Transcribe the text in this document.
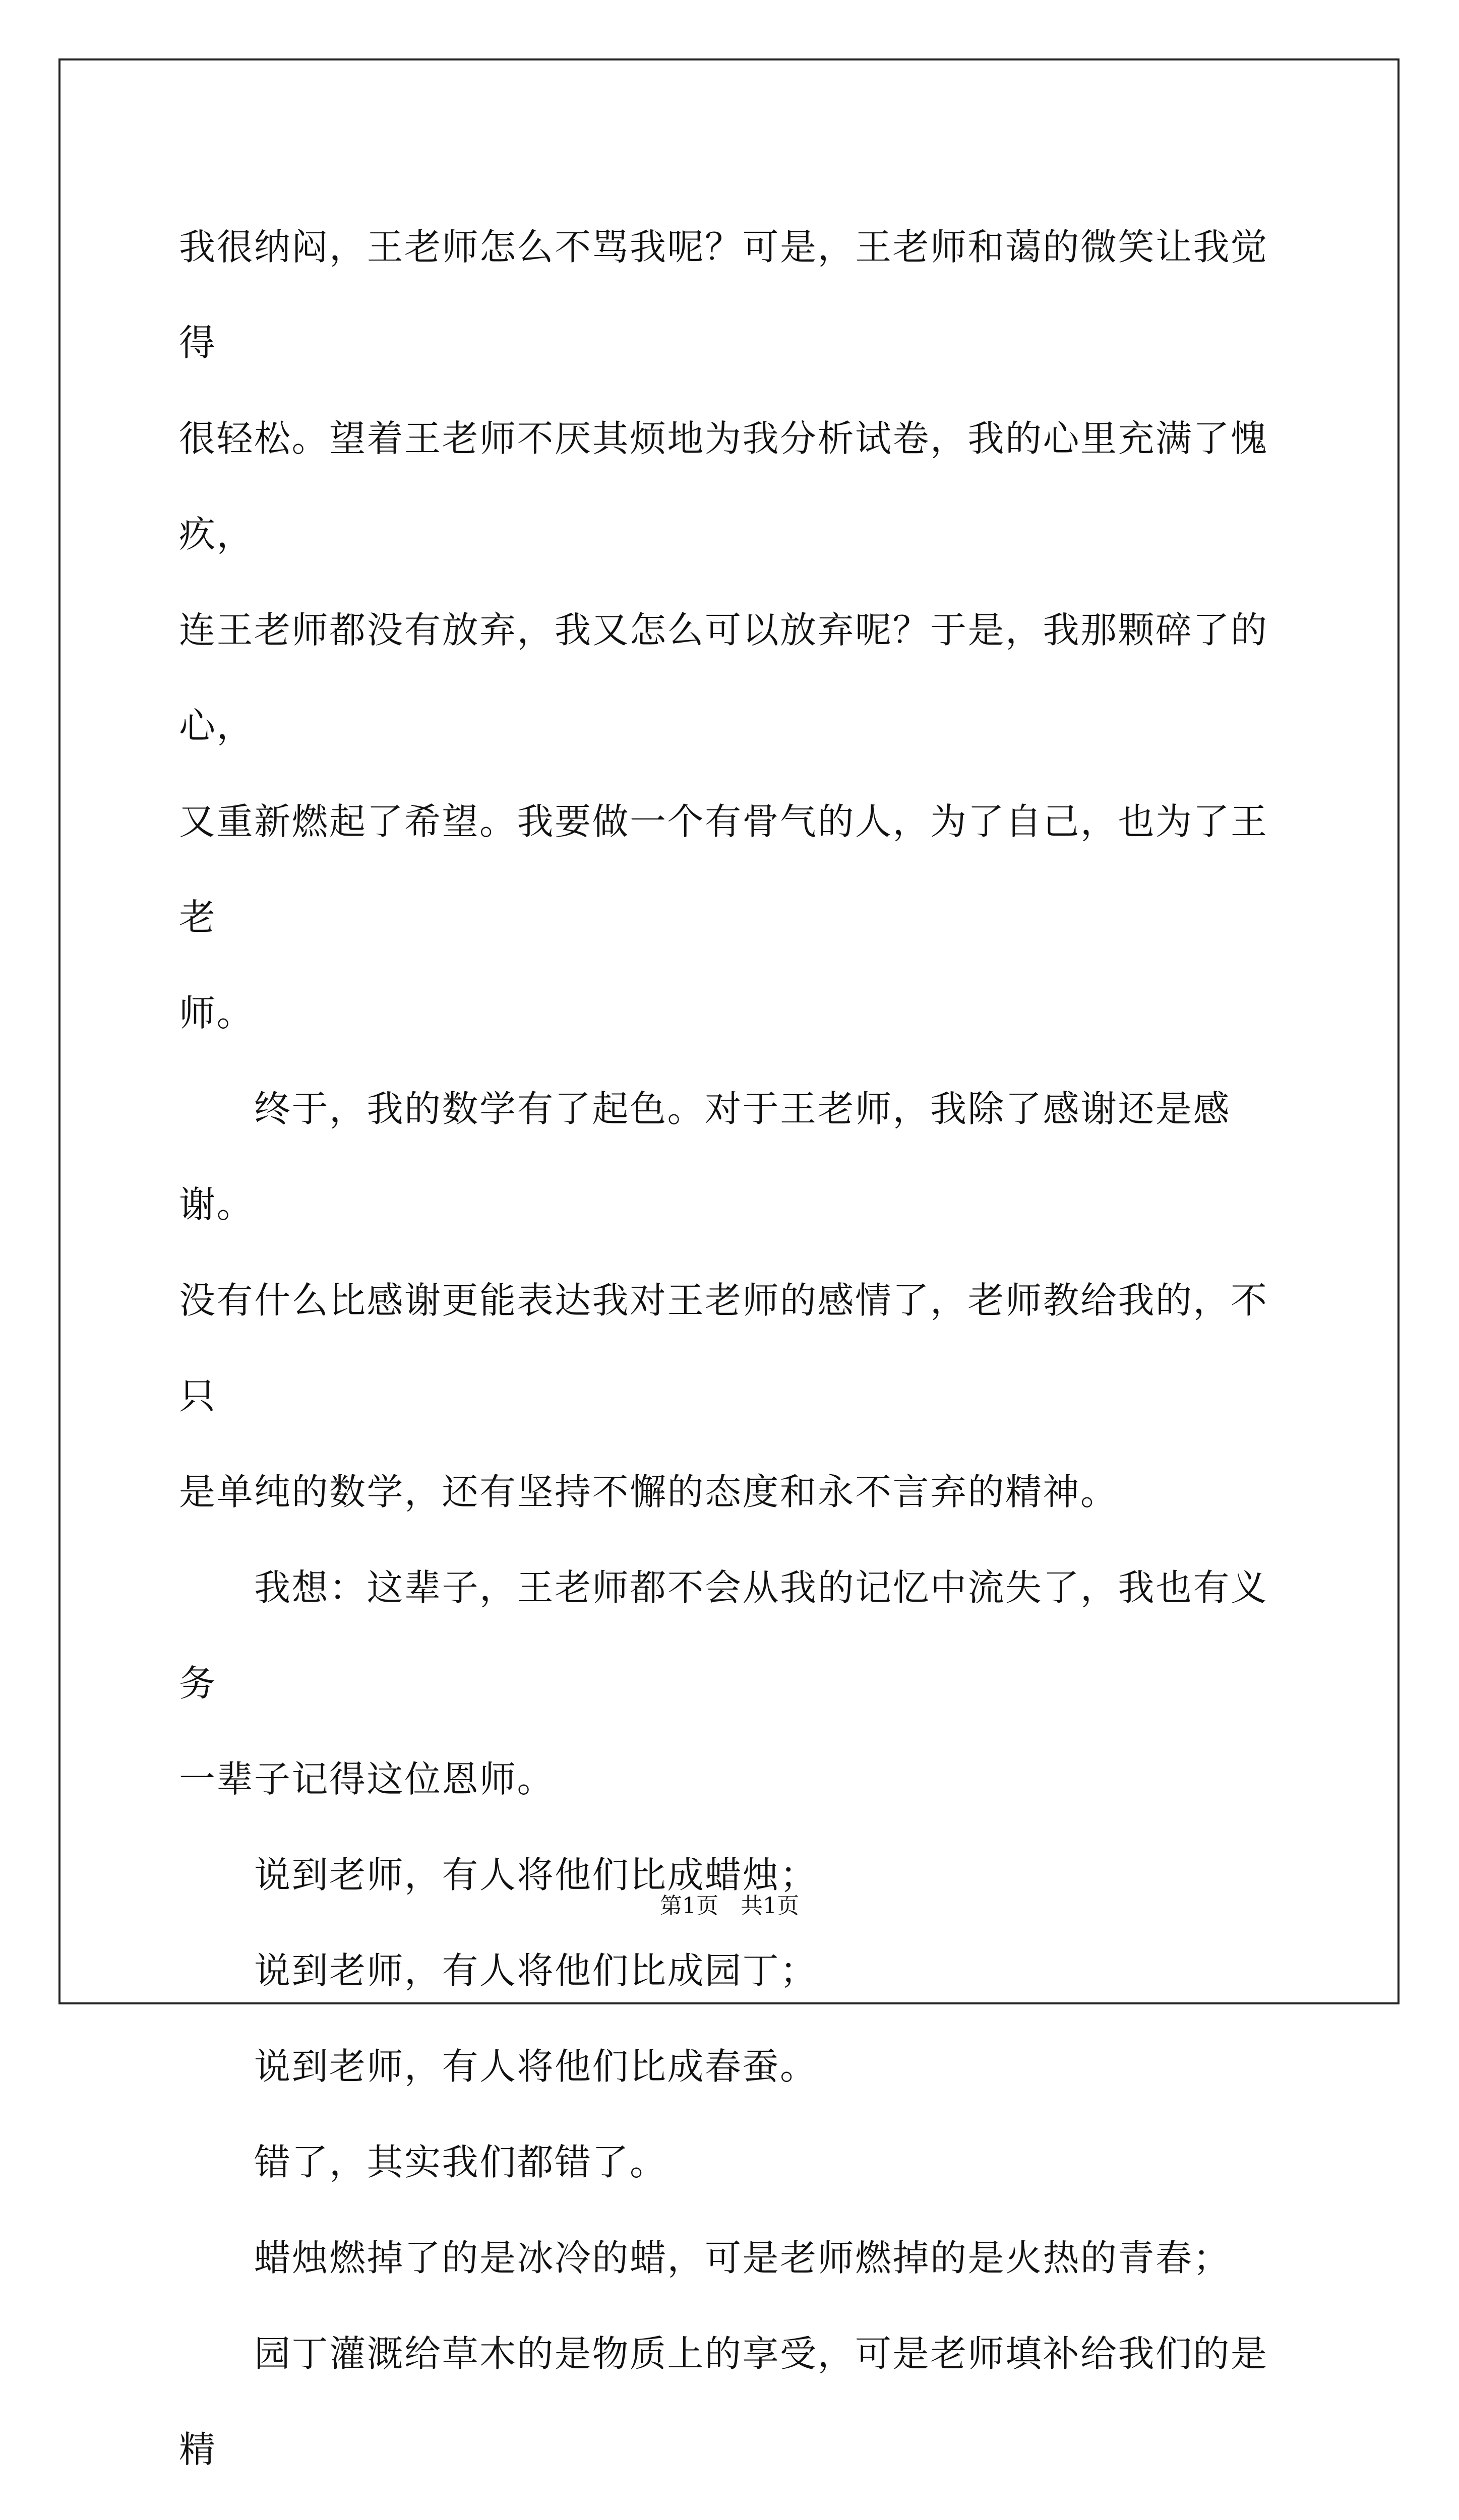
我很纳闷，王老师怎么不骂我呢？可是，王老师和蔼的微笑让我觉得

很轻松。望着王老师不厌其烦地为我分析试卷，我的心里充满了愧疚，

连王老师都没有放弃，我又怎么可以放弃呢？于是，我那颗碎了的心，

又重新燃起了希望。我要做一个有骨气的人，为了自己，也为了王老

师。

　　终于，我的数学有了起色。对于王老师，我除了感谢还是感谢。

没有什么比感谢更能表达我对王老师的感情了，老师教给我的，不只

是单纯的数学，还有坚持不懈的态度和永不言弃的精神。

　　我想：这辈子，王老师都不会从我的记忆中流失了，我也有义务

一辈子记得这位恩师。

　　说到老师，有人将他们比成蜡烛；

　　说到老师，有人将他们比成园丁；

　　说到老师，有人将他们比成春蚕。

　　错了，其实我们都错了。

　　蜡烛燃掉了的是冰冷的蜡，可是老师燃掉的是火热的青春；

　　园丁灌溉给草木的是物质上的享受，可是老师填补给我们的是精

第1页　共1页
